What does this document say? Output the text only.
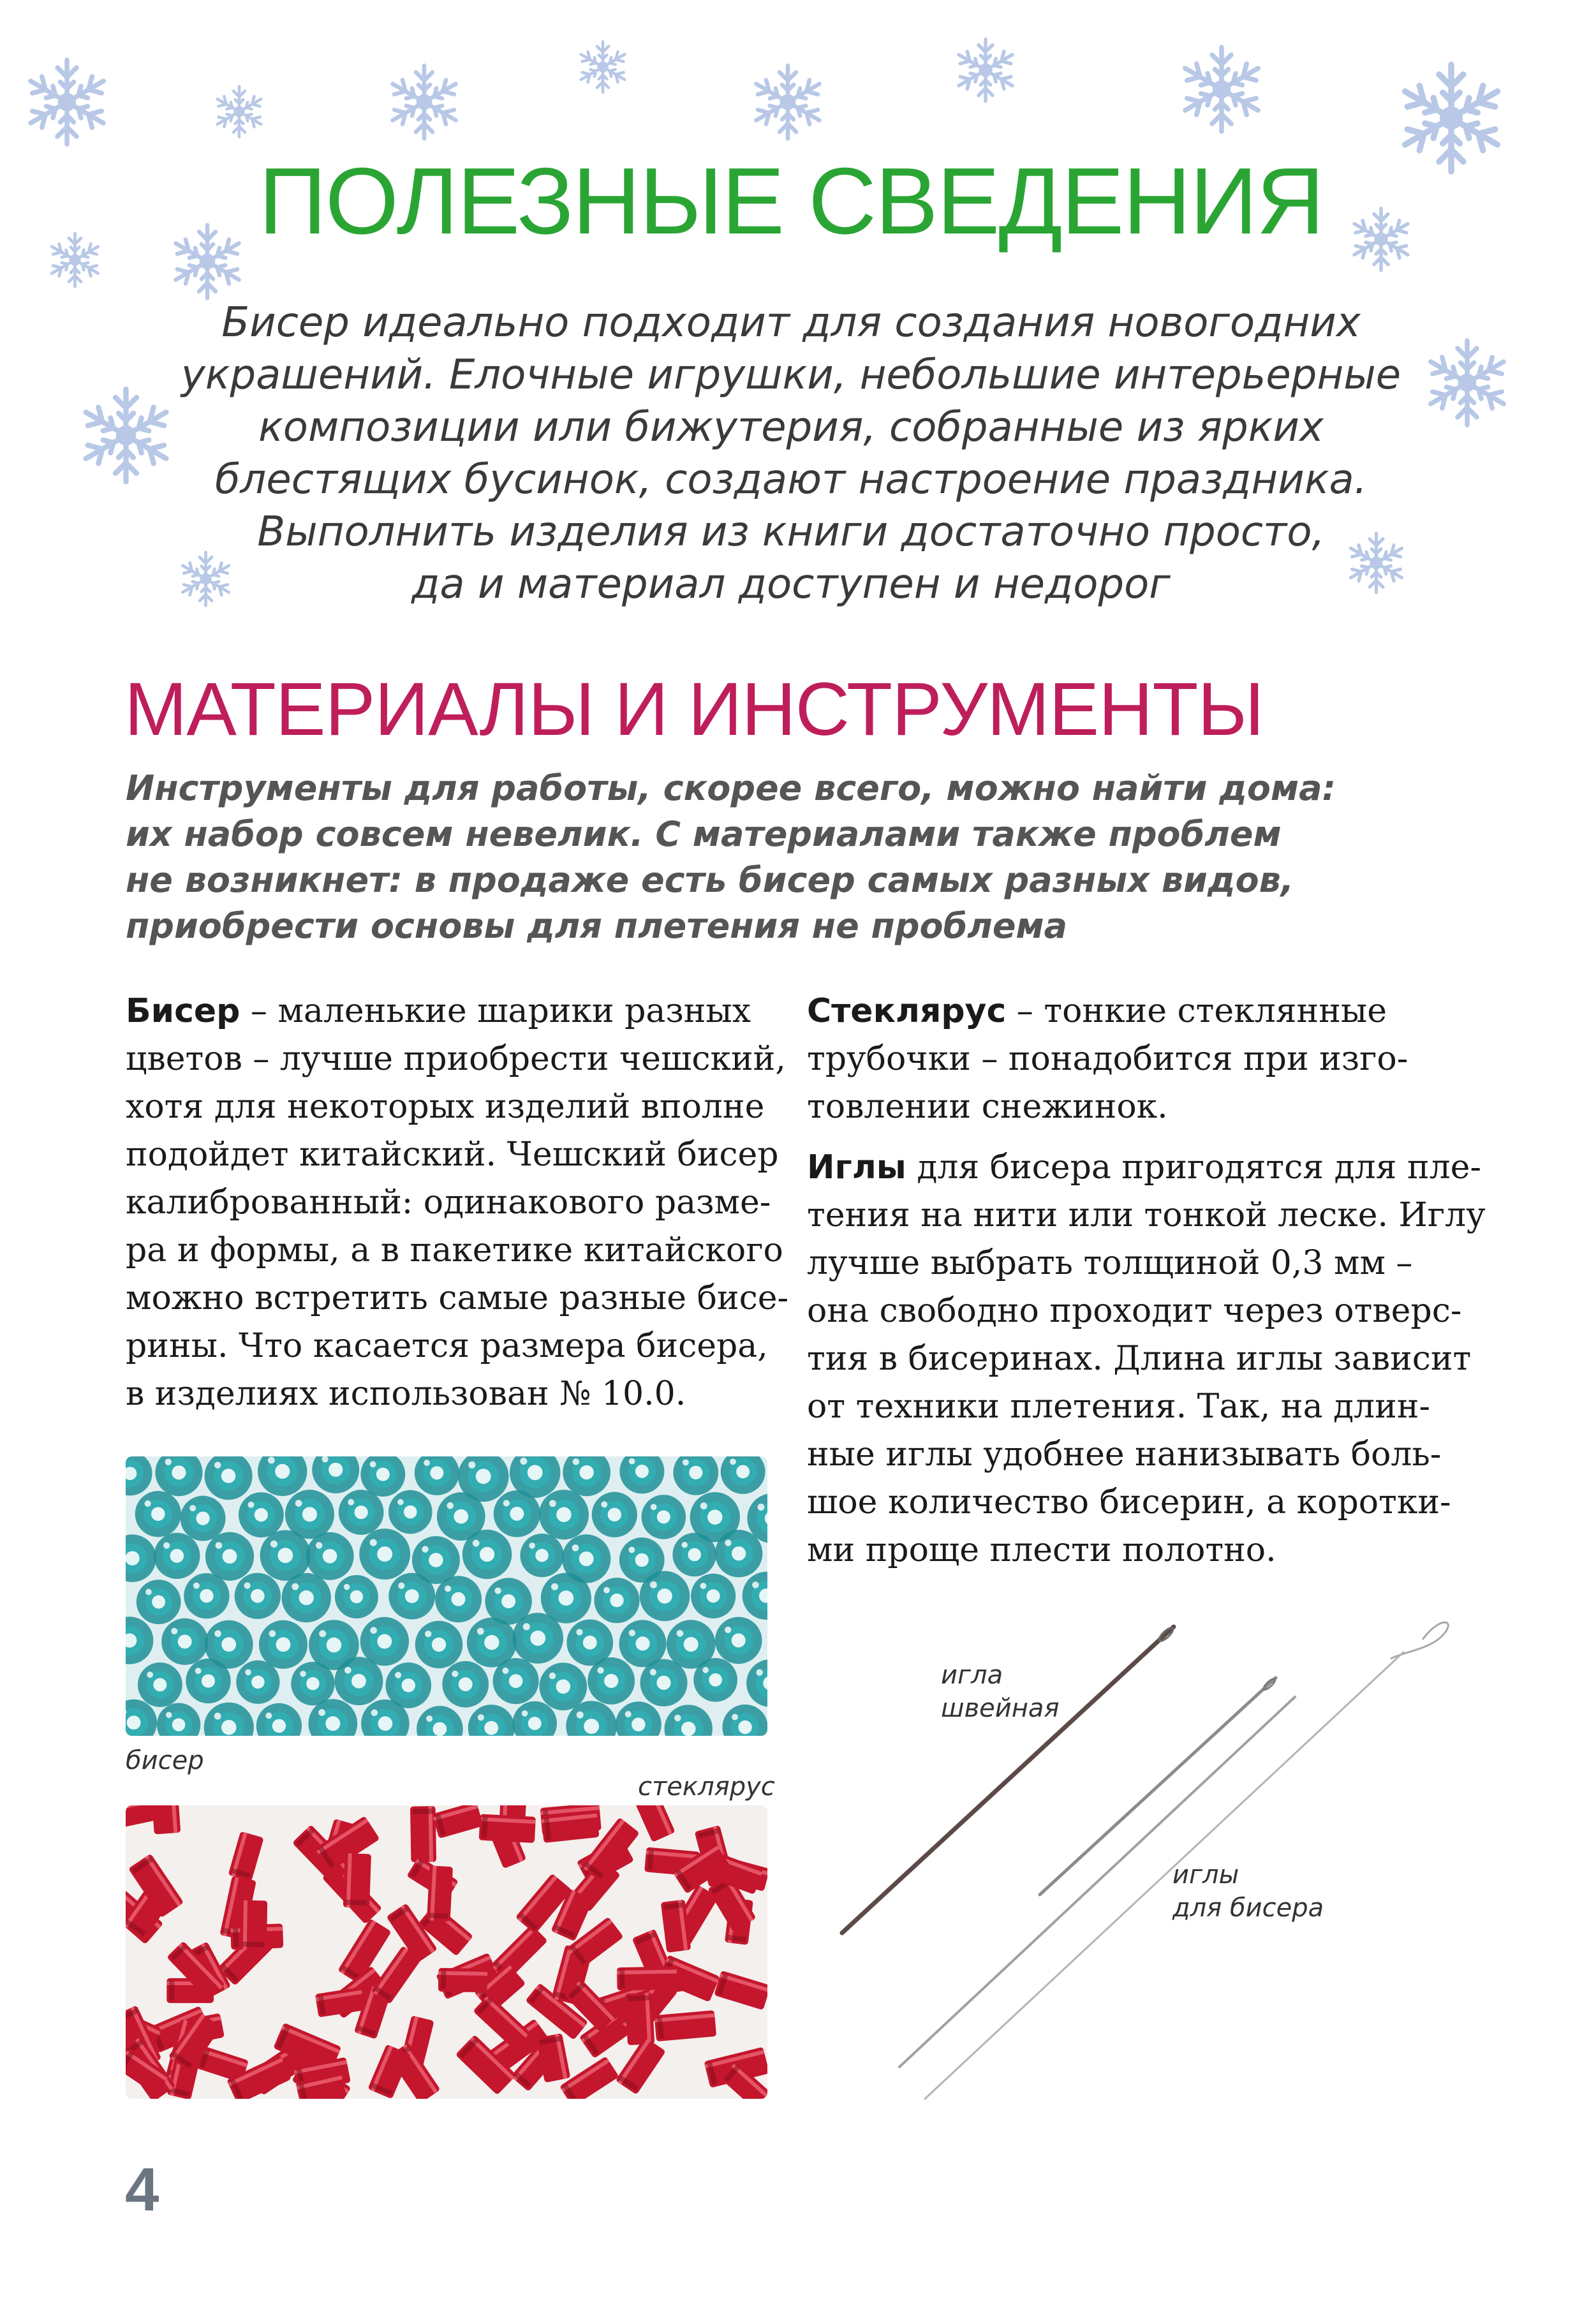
ПОЛЕЗНЫЕ СВЕДЕНИЯ
Бисер идеально подходит для создания новогодних
украшений. Елочные игрушки, небольшие интерьерные
композиции или бижутерия, собранные из ярких
блестящих бусинок, создают настроение праздника.
Выполнить изделия из книги достаточно просто,
да и материал доступен и недорог
МАТЕРИАЛЫ И ИНСТРУМЕНТЫ
Инструменты для работы, скорее всего, можно найти дома:
их набор совсем невелик. С материалами также проблем
не возникнет: в продаже есть бисер самых разных видов,
приобрести основы для плетения не проблема

Бисер – маленькие шарики разных
цветов – лучше приобрести чешский,
хотя для некоторых изделий вполне
подойдет китайский. Чешский бисер
калиброванный: одинакового разме-
ра и формы, а в пакетике китайского
можно встретить самые разные бисе-
рины. Что касается размера бисера,
в изделиях использован № 10.0.

Стеклярус – тонкие стеклянные
трубочки – понадобится при изго-
товлении снежинок.

Иглы для бисера пригодятся для пле-
тения на нити или тонкой леске. Иглу
лучше выбрать толщиной 0,3 мм –
она свободно проходит через отверс-
тия в бисеринах. Длина иглы зависит
от техники плетения. Так, на длин-
ные иглы удобнее нанизывать боль-
шое количество бисерин, а коротки-
ми проще плести полотно.

бисер
стеклярус
игла
швейная
иглы
для бисера
4
